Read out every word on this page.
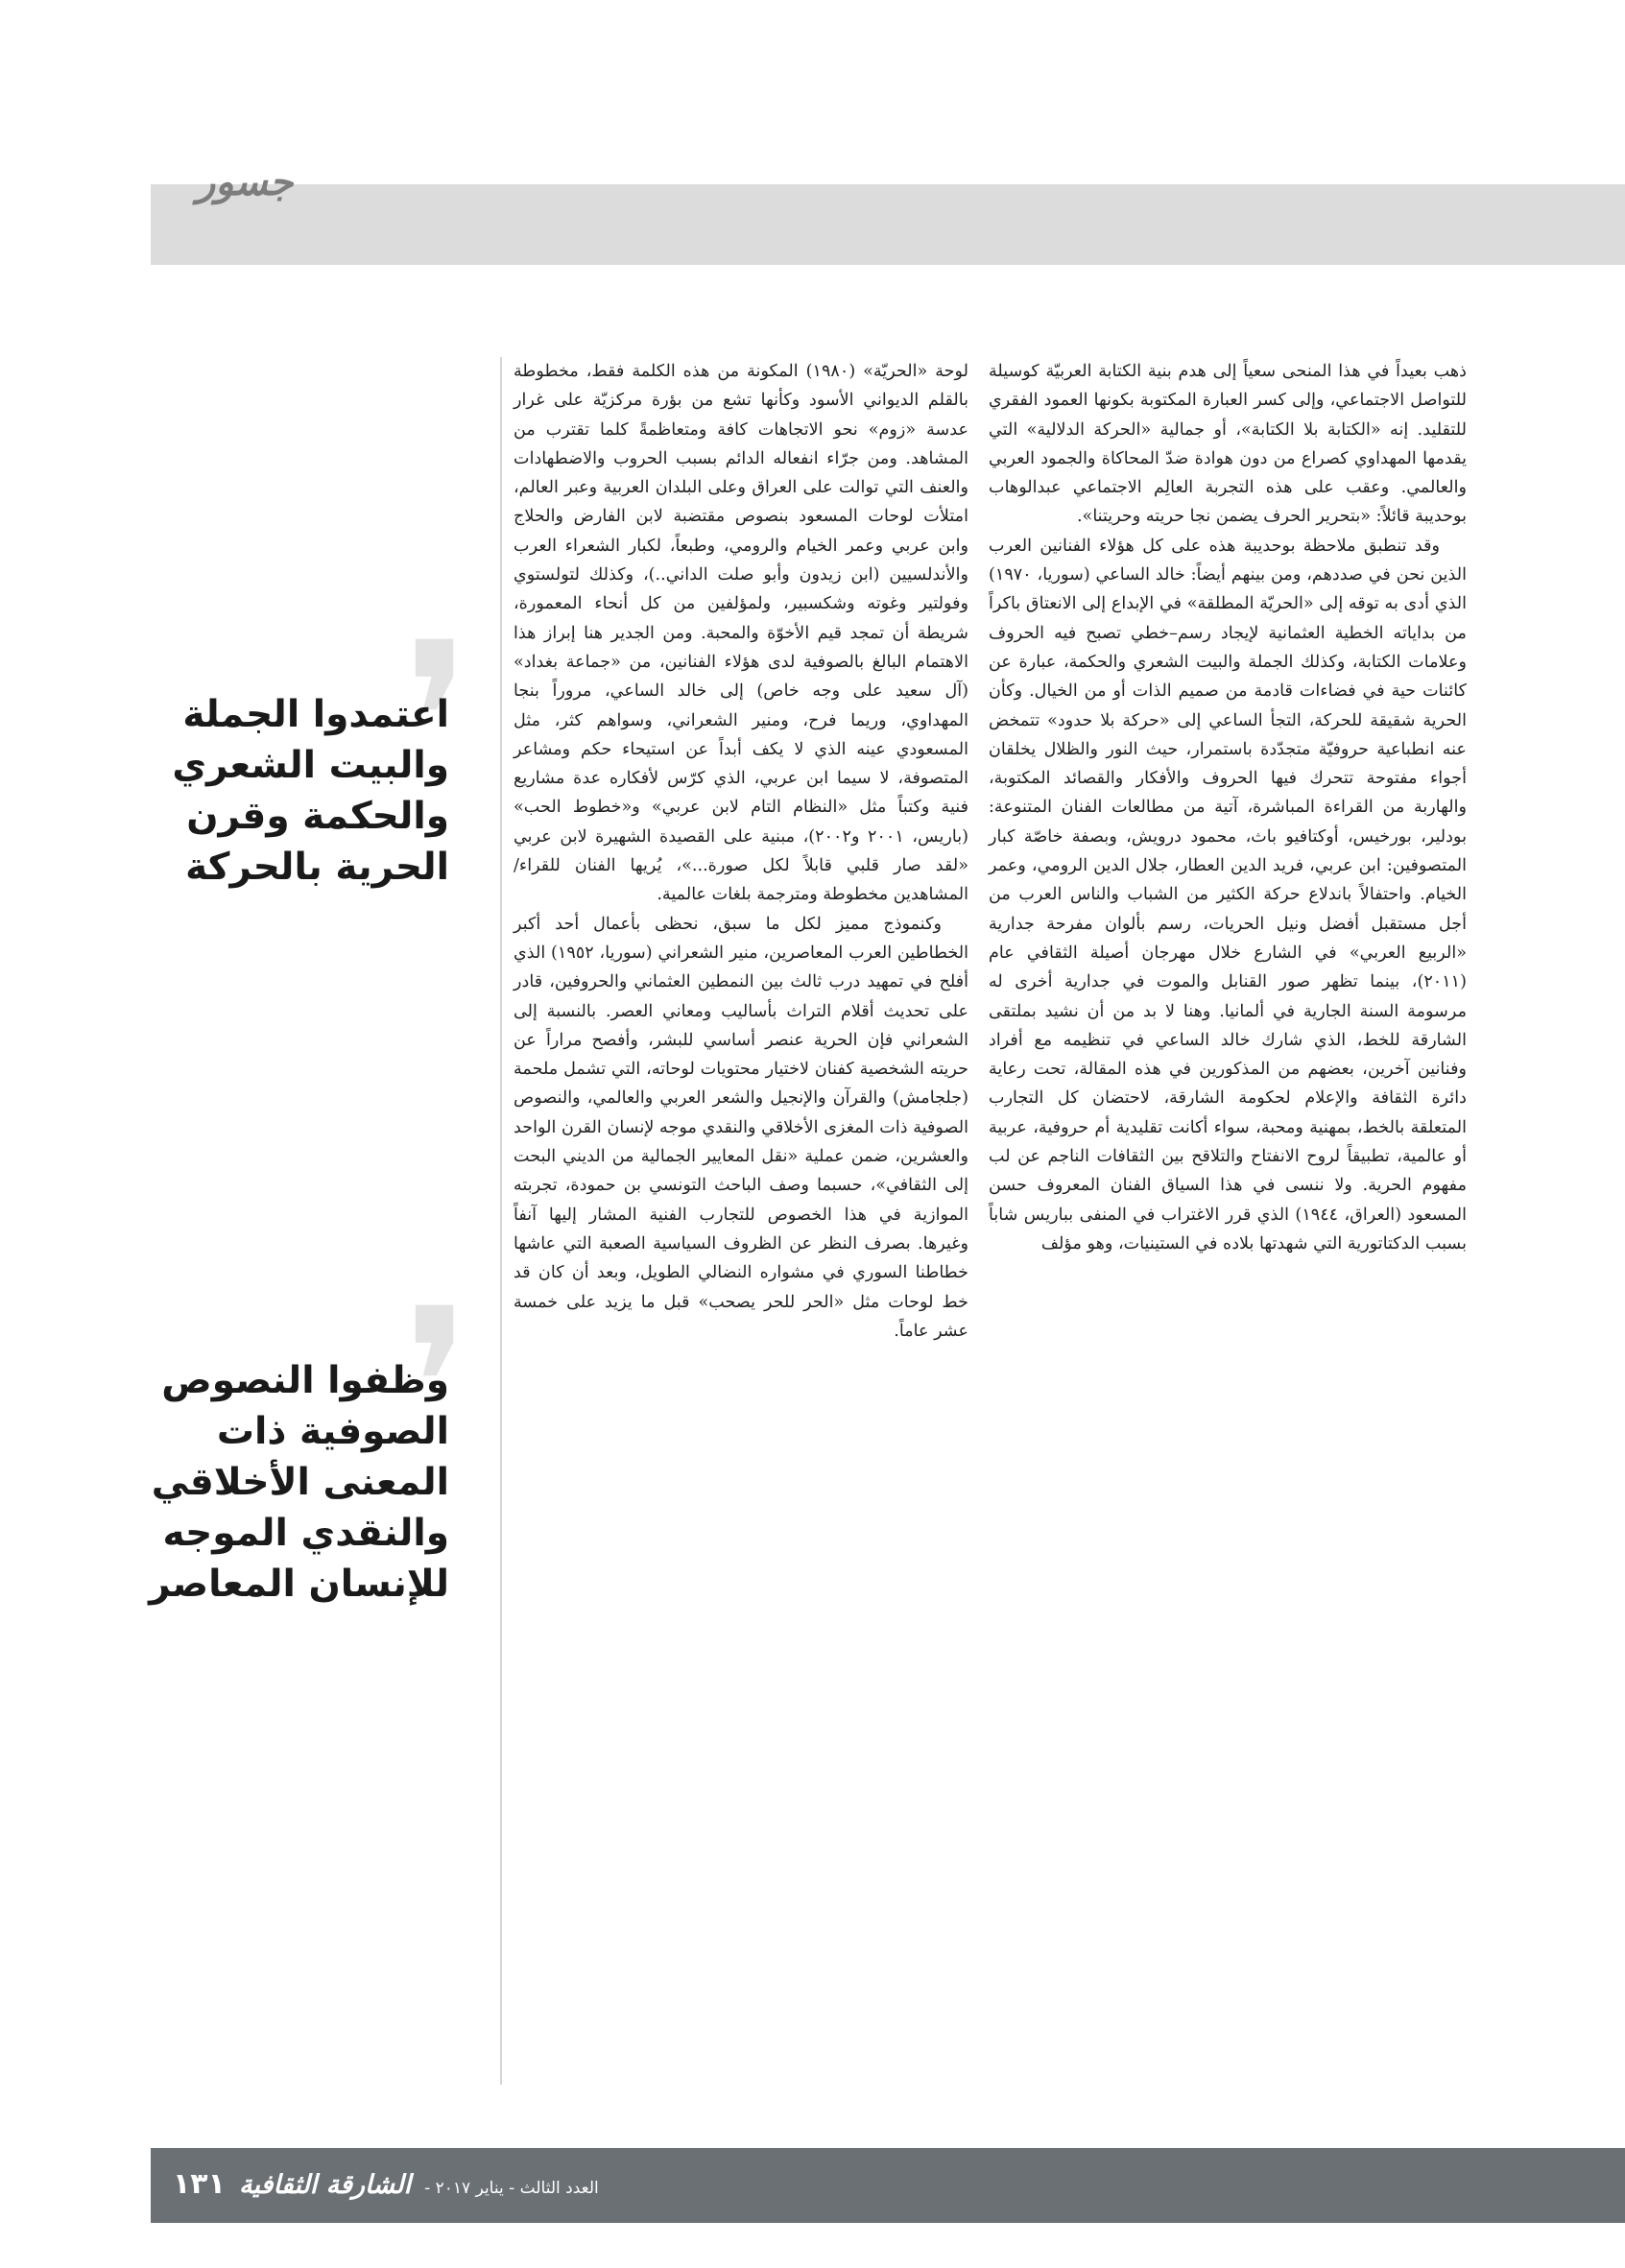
جسور

ذهب بعيداً في هذا المنحى سعياً إلى هدم بنية الكتابة العربيّة كوسيلة للتواصل الاجتماعي، وإلى كسر العبارة المكتوبة بكونها العمود الفقري للتقليد. إنه «الكتابة بلا الكتابة»، أو جمالية «الحركة الدلالية» التي يقدمها المهداوي كصراع من دون هوادة ضدّ المحاكاة والجمود العربي والعالمي. وعقب على هذه التجربة العالِم الاجتماعي عبدالوهاب بوحديبة قائلاً: «بتحرير الحرف يضمن نجا حريته وحريتنا».

وقد تنطبق ملاحظة بوحديبة هذه على كل هؤلاء الفنانين العرب الذين نحن في صددهم، ومن بينهم أيضاً: خالد الساعي (سوريا، ١٩٧٠) الذي أدى به توقه إلى «الحريّة المطلقة» في الإبداع إلى الانعتاق باكراً من بداياته الخطية العثمانية لإيجاد رسم–خطي تصبح فيه الحروف وعلامات الكتابة، وكذلك الجملة والبيت الشعري والحكمة، عبارة عن كائنات حية في فضاءات قادمة من صميم الذات أو من الخيال. وكأن الحرية شقيقة للحركة، التجأ الساعي إلى «حركة بلا حدود» تتمخض عنه انطباعية حروفيّة متجدّدة باستمرار، حيث النور والظلال يخلقان أجواء مفتوحة تتحرك فيها الحروف والأفكار والقصائد المكتوبة، والهاربة من القراءة المباشرة، آتية من مطالعات الفنان المتنوعة: بودلير، بورخيس، أوكتافيو باث، محمود درويش، وبصفة خاصّة كبار المتصوفين: ابن عربي، فريد الدين العطار، جلال الدين الرومي، وعمر الخيام. واحتفالاً باندلاع حركة الكثير من الشباب والناس العرب من أجل مستقبل أفضل ونيل الحريات، رسم بألوان مفرحة جدارية «الربيع العربي» في الشارع خلال مهرجان أصيلة الثقافي عام (٢٠١١)، بينما تظهر صور القنابل والموت في جدارية أخرى له مرسومة السنة الجارية في ألمانيا. وهنا لا بد من أن نشيد بملتقى الشارقة للخط، الذي شارك خالد الساعي في تنظيمه مع أفراد وفنانين آخرين، بعضهم من المذكورين في هذه المقالة، تحت رعاية دائرة الثقافة والإعلام لحكومة الشارقة، لاحتضان كل التجارب المتعلقة بالخط، بمهنية ومحبة، سواء أكانت تقليدية أم حروفية، عربية أو عالمية، تطبيقاً لروح الانفتاح والتلاقح بين الثقافات الناجم عن لب مفهوم الحرية. ولا ننسى في هذا السياق الفنان المعروف حسن المسعود (العراق، ١٩٤٤) الذي قرر الاغتراب في المنفى بباريس شاباً بسبب الدكتاتورية التي شهدتها بلاده في الستينيات، وهو مؤلف

لوحة «الحريّة» (١٩٨٠) المكونة من هذه الكلمة فقط، مخطوطة بالقلم الديواني الأسود وكأنها تشع من بؤرة مركزيّة على غرار عدسة «زوم» نحو الاتجاهات كافة ومتعاظمةً كلما تقترب من المشاهد. ومن جرّاء انفعاله الدائم بسبب الحروب والاضطهادات والعنف التي توالت على العراق وعلى البلدان العربية وعبر العالم، امتلأت لوحات المسعود بنصوص مقتضبة لابن الفارض والحلاج وابن عربي وعمر الخيام والرومي، وطبعاً، لكبار الشعراء العرب والأندلسيين (ابن زيدون وأبو صلت الداني..)، وكذلك لتولستوي وفولتير وغوته وشكسبير، ولمؤلفين من كل أنحاء المعمورة، شريطة أن تمجد قيم الأخوّة والمحبة. ومن الجدير هنا إبراز هذا الاهتمام البالغ بالصوفية لدى هؤلاء الفنانين، من «جماعة بغداد» (آل سعيد على وجه خاص) إلى خالد الساعي، مروراً بنجا المهداوي، وريما فرح، ومنير الشعراني، وسواهم كثر، مثل المسعودي عينه الذي لا يكف أبداً عن استيحاء حكم ومشاعر المتصوفة، لا سيما ابن عربي، الذي كرّس لأفكاره عدة مشاريع فنية وكتباً مثل «النظام التام لابن عربي» و«خطوط الحب» (باريس، ٢٠٠١ و٢٠٠٢)، مبنية على القصيدة الشهيرة لابن عربي «لقد صار قلبي قابلاً لكل صورة...»، يُريها الفنان للقراء/ المشاهدين مخطوطة ومترجمة بلغات عالمية.

وكنموذج مميز لكل ما سبق، نحظى بأعمال أحد أكبر الخطاطين العرب المعاصرين، منير الشعراني (سوريا، ١٩٥٢) الذي أفلح في تمهيد درب ثالث بين النمطين العثماني والحروفين، قادر على تحديث أقلام التراث بأساليب ومعاني العصر. بالنسبة إلى الشعراني فإن الحرية عنصر أساسي للبشر، وأفصح مراراً عن حريته الشخصية كفنان لاختيار محتويات لوحاته، التي تشمل ملحمة (جلجامش) والقرآن والإنجيل والشعر العربي والعالمي، والنصوص الصوفية ذات المغزى الأخلاقي والنقدي موجه لإنسان القرن الواحد والعشرين، ضمن عملية «نقل المعايير الجمالية من الديني البحت إلى الثقافي»، حسبما وصف الباحث التونسي بن حمودة، تجربته الموازية في هذا الخصوص للتجارب الفنية المشار إليها آنفاً وغيرها. بصرف النظر عن الظروف السياسية الصعبة التي عاشها خطاطنا السوري في مشواره النضالي الطويل، وبعد أن كان قد خط لوحات مثل «الحر للحر يصحب» قبل ما يزيد على خمسة عشر عاماً.

❜
اعتمدوا الجملة والبيت الشعري والحكمة وقرن الحرية بالحركة
❜
وظفوا النصوص الصوفية ذات المعنى الأخلاقي والنقدي الموجه للإنسان المعاصر
العدد الثالث - يناير ٢٠١٧ -
الشارقة الثقافية
١٣١
